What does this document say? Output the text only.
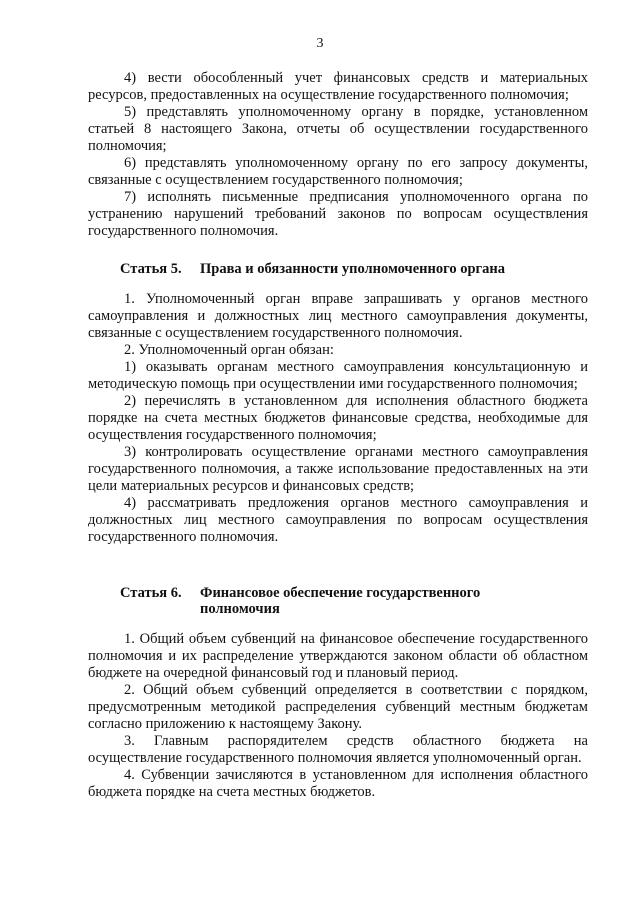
3

4) вести обособленный учет финансовых средств и материальных ресурсов, предоставленных на осуществление государственного полномочия;

5) представлять уполномоченному органу в порядке, установленном статьей 8 настоящего Закона, отчеты об осуществлении государственного полномочия;

6) представлять уполномоченному органу по его запросу документы, связанные с осуществлением государственного полномочия;

7) исполнять письменные предписания уполномоченного органа по устранению нарушений требований законов по вопросам осуществления государственного полномочия.

Статья 5. Права и обязанности уполномоченного органа

1. Уполномоченный орган вправе запрашивать у органов местного самоуправления и должностных лиц местного самоуправления документы, связанные с осуществлением государственного полномочия.

2. Уполномоченный орган обязан:

1) оказывать органам местного самоуправления консультационную и методическую помощь при осуществлении ими государственного полномочия;

2) перечислять в установленном для исполнения областного бюджета порядке на счета местных бюджетов финансовые средства, необходимые для осуществления государственного полномочия;

3) контролировать осуществление органами местного самоуправления государственного полномочия, а также использование предоставленных на эти цели материальных ресурсов и финансовых средств;

4) рассматривать предложения органов местного самоуправления и должностных лиц местного самоуправления по вопросам осуществления государственного полномочия.

Статья 6. Финансовое обеспечение государственного
полномочия

1. Общий объем субвенций на финансовое обеспечение государственного полномочия и их распределение утверждаются законом области об областном бюджете на очередной финансовый год и плановый период.

2. Общий объем субвенций определяется в соответствии с порядком, предусмотренным методикой распределения субвенций местным бюджетам согласно приложению к настоящему Закону.

3. Главным распорядителем средств областного бюджета на осуществление государственного полномочия является уполномоченный орган.

4. Субвенции зачисляются в установленном для исполнения областного бюджета порядке на счета местных бюджетов.
